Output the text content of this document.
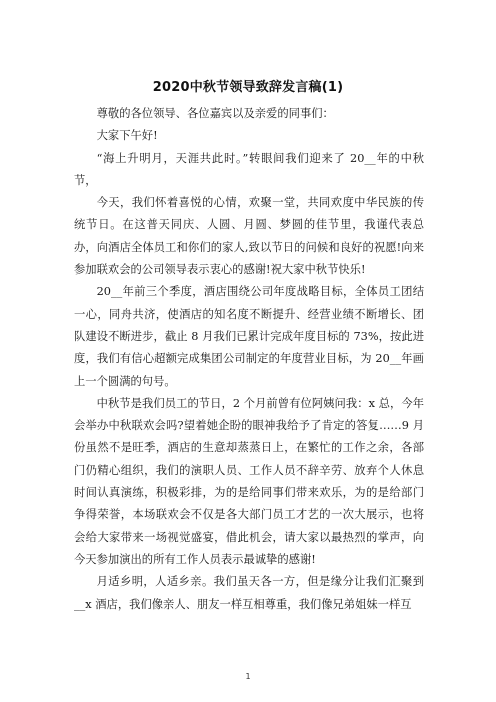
2020中秋节领导致辞发言稿(1)

尊敬的各位领导、各位嘉宾以及亲爱的同事们：

大家下午好!

“海上升明月，天涯共此时。”转眼间我们迎来了 20__年的中秋节，

今天，我们怀着喜悦的心情，欢聚一堂，共同欢度中华民族的传统节日。在这普天同庆、人圆、月圆、梦圆的佳节里，我谨代表总办，向酒店全体员工和你们的家人,致以节日的问候和良好的祝愿!向来参加联欢会的公司领导表示衷心的感谢!祝大家中秋节快乐!

20__年前三个季度，酒店围绕公司年度战略目标，全体员工团结一心，同舟共济，使酒店的知名度不断提升、经营业绩不断增长、团队建设不断进步，截止 8 月我们已累计完成年度目标的 73%，按此进度，我们有信心超额完成集团公司制定的年度营业目标，为 20__年画上一个圆满的句号。

中秋节是我们员工的节日，2 个月前曾有位阿姨问我：x 总，今年会举办中秋联欢会吗?望着她企盼的眼神我给予了肯定的答复……9 月份虽然不是旺季，酒店的生意却蒸蒸日上，在繁忙的工作之余，各部门仍精心组织，我们的演职人员、工作人员不辞辛劳、放弃个人休息时间认真演练，积极彩排，为的是给同事们带来欢乐，为的是给部门争得荣誉，本场联欢会不仅是各大部门员工才艺的一次大展示，也将会给大家带来一场视觉盛宴，借此机会，请大家以最热烈的掌声，向今天参加演出的所有工作人员表示最诚挚的感谢!

月适乡明，人适乡亲。我们虽天各一方，但是缘分让我们汇聚到__x 酒店，我们像亲人、朋友一样互相尊重，我们像兄弟姐妹一样互

1
